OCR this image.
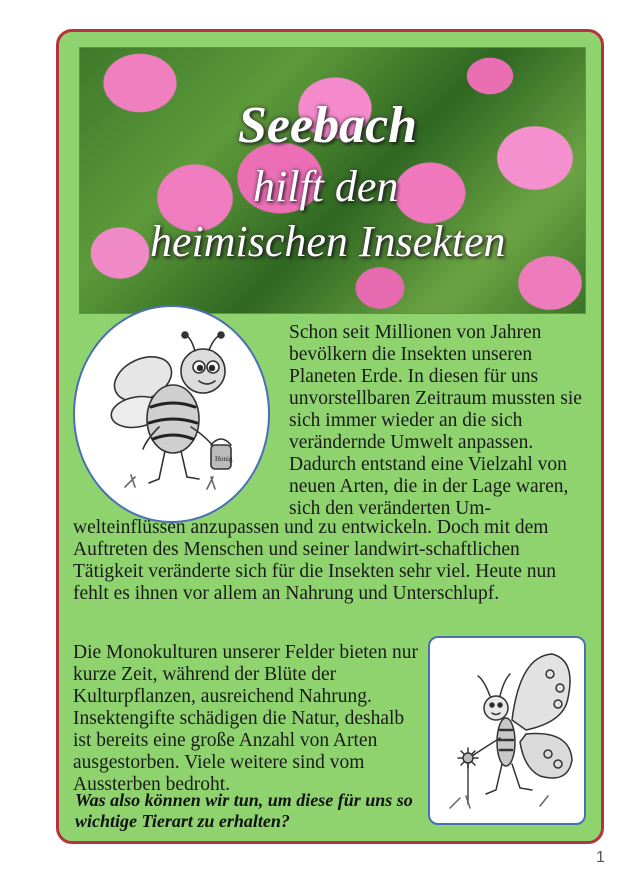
Seebach

hilft den

heimischen Insekten

Honig

Schon seit Millionen von Jahren bevölkern die Insekten unseren Planeten Erde. In diesen für uns unvorstellbaren Zeitraum mussten sie sich immer wieder an die sich verändernde Umwelt anpassen. Dadurch entstand eine Vielzahl von neuen Arten, die in der Lage waren, sich den veränderten Um-

welteinflüssen anzupassen und zu entwickeln. Doch mit dem Auftreten des Menschen und seiner landwirt-schaftlichen Tätigkeit veränderte sich für die Insekten sehr viel. Heute nun fehlt es ihnen vor allem an Nahrung und Unterschlupf.

Die Monokulturen unserer Felder bieten nur kurze Zeit, während der Blüte der Kulturpflanzen, ausreichend Nahrung. Insektengifte schädigen die Natur, deshalb ist bereits eine große Anzahl von Arten ausgestorben. Viele weitere sind vom Aussterben bedroht.

Was also können wir tun, um diese für uns so wichtige Tierart zu erhalten?

1
